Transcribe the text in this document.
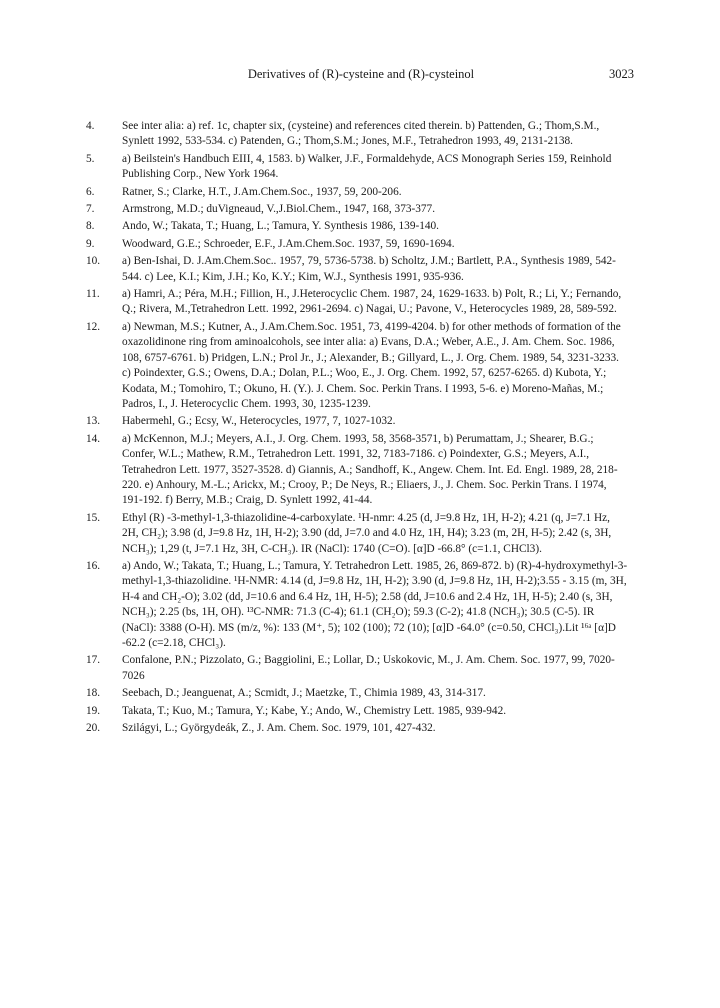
Derivatives of (R)-cysteine and (R)-cysteinol	3023
4. See inter alia: a) ref. 1c, chapter six, (cysteine) and references cited therein. b) Pattenden, G.; Thom,S.M., Synlett 1992, 533-534. c) Patenden, G.; Thom,S.M.; Jones, M.F., Tetrahedron 1993, 49, 2131-2138.
5. a) Beilstein's Handbuch EIII, 4, 1583. b) Walker, J.F., Formaldehyde, ACS Monograph Series 159, Reinhold Publishing Corp., New York 1964.
6. Ratner, S.; Clarke, H.T., J.Am.Chem.Soc., 1937, 59, 200-206.
7. Armstrong, M.D.; duVigneaud, V.,J.Biol.Chem., 1947, 168, 373-377.
8. Ando, W.; Takata, T.; Huang, L.; Tamura, Y. Synthesis 1986, 139-140.
9. Woodward, G.E.; Schroeder, E.F., J.Am.Chem.Soc. 1937, 59, 1690-1694.
10. a) Ben-Ishai, D. J.Am.Chem.Soc.. 1957, 79, 5736-5738. b) Scholtz, J.M.; Bartlett, P.A., Synthesis 1989, 542-544. c) Lee, K.I.; Kim, J.H.; Ko, K.Y.; Kim, W.J., Synthesis 1991, 935-936.
11. a) Hamri, A.; Péra, M.H.; Fillion, H., J.Heterocyclic Chem. 1987, 24, 1629-1633. b) Polt, R.; Li, Y.; Fernando, Q.; Rivera, M.,Tetrahedron Lett. 1992, 2961-2694. c) Nagai, U.; Pavone, V., Heterocycles 1989, 28, 589-592.
12. a) Newman, M.S.; Kutner, A., J.Am.Chem.Soc. 1951, 73, 4199-4204. b) for other methods of formation of the oxazolidinone ring from aminoalcohols, see inter alia: a) Evans, D.A.; Weber, A.E., J. Am. Chem. Soc. 1986, 108, 6757-6761. b) Pridgen, L.N.; Prol Jr., J.; Alexander, B.; Gillyard, L., J. Org. Chem. 1989, 54, 3231-3233. c) Poindexter, G.S.; Owens, D.A.; Dolan, P.L.; Woo, E., J. Org. Chem. 1992, 57, 6257-6265. d) Kubota, Y.; Kodata, M.; Tomohiro, T.; Okuno, H. (Y.). J. Chem. Soc. Perkin Trans. I 1993, 5-6. e) Moreno-Mañas, M.; Padros, I., J. Heterocyclic Chem. 1993, 30, 1235-1239.
13. Habermehl, G.; Ecsy, W., Heterocycles, 1977, 7, 1027-1032.
14. a) McKennon, M.J.; Meyers, A.I., J. Org. Chem. 1993, 58, 3568-3571, b) Perumattam, J.; Shearer, B.G.; Confer, W.L.; Mathew, R.M., Tetrahedron Lett. 1991, 32, 7183-7186. c) Poindexter, G.S.; Meyers, A.I., Tetrahedron Lett. 1977, 3527-3528. d) Giannis, A.; Sandhoff, K., Angew. Chem. Int. Ed. Engl. 1989, 28, 218-220. e) Anhoury, M.-L.; Arickx, M.; Crooy, P.; De Neys, R.; Eliaers, J., J. Chem. Soc. Perkin Trans. I 1974, 191-192. f) Berry, M.B.; Craig, D. Synlett 1992, 41-44.
15. Ethyl (R) -3-methyl-1,3-thiazolidine-4-carboxylate. ¹H-nmr: 4.25 (d, J=9.8 Hz, 1H, H-2); 4.21 (q, J=7.1 Hz, 2H, CH₂); 3.98 (d, J=9.8 Hz, 1H, H-2); 3.90 (dd, J=7.0 and 4.0 Hz, 1H, H4); 3.23 (m, 2H, H-5); 2.42 (s, 3H, NCH₃); 1,29 (t, J=7.1 Hz, 3H, C-CH₃). IR (NaCl): 1740 (C=O). [α]D -66.8° (c=1.1, CHCl3).
16. a) Ando, W.; Takata, T.; Huang, L.; Tamura, Y. Tetrahedron Lett. 1985, 26, 869-872. b) (R)-4-hydroxymethyl-3-methyl-1,3-thiazolidine. ¹H-NMR: 4.14 (d, J=9.8 Hz, 1H, H-2); 3.90 (d, J=9.8 Hz, 1H, H-2);3.55 - 3.15 (m, 3H, H-4 and CH₂-O); 3.02 (dd, J=10.6 and 6.4 Hz, 1H, H-5); 2.58 (dd, J=10.6 and 2.4 Hz, 1H, H-5); 2.40 (s, 3H, NCH₃); 2.25 (bs, 1H, OH). ¹³C-NMR: 71.3 (C-4); 61.1 (CH₂O); 59.3 (C-2); 41.8 (NCH₃); 30.5 (C-5). IR (NaCl): 3388 (O-H). MS (m/z, %): 133 (M⁺, 5); 102 (100); 72 (10); [α]D -64.0° (c=0.50, CHCl₃).Lit ¹⁶ᵃ [α]D -62.2 (c=2.18, CHCl₃).
17. Confalone, P.N.; Pizzolato, G.; Baggiolini, E.; Lollar, D.; Uskokovic, M., J. Am. Chem. Soc. 1977, 99, 7020-7026
18. Seebach, D.; Jeanguenat, A.; Scmidt, J.; Maetzke, T., Chimia 1989, 43, 314-317.
19. Takata, T.; Kuo, M.; Tamura, Y.; Kabe, Y.; Ando, W., Chemistry Lett. 1985, 939-942.
20. Szilágyi, L.; Györgydeák, Z., J. Am. Chem. Soc. 1979, 101, 427-432.
